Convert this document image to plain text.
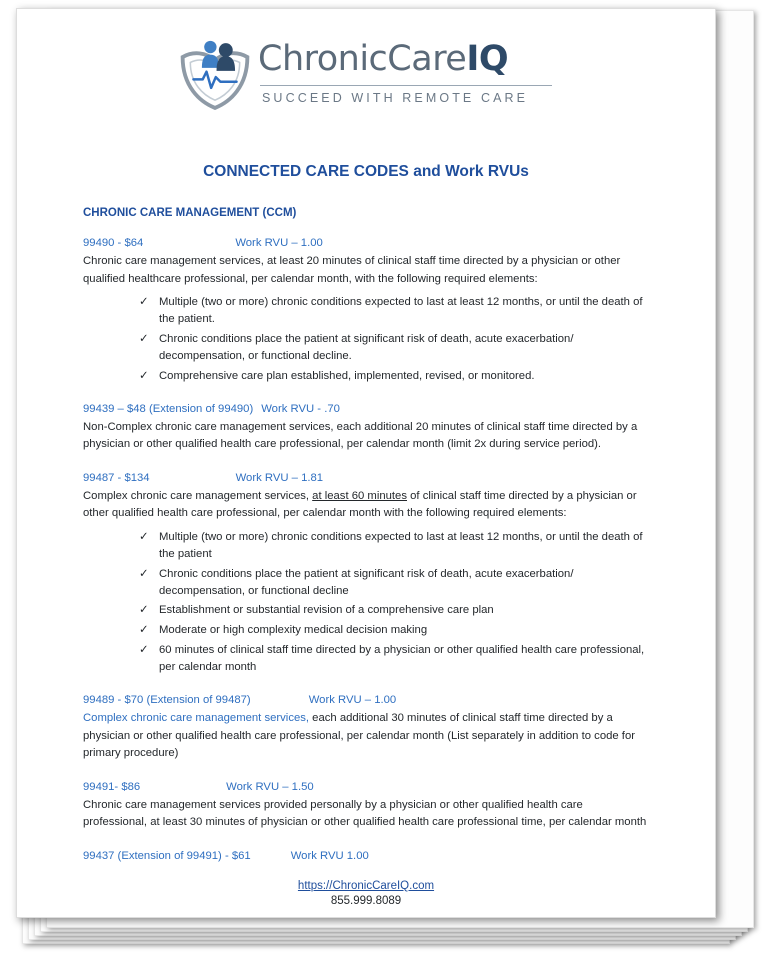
ChronicCareIQ
SUCCEED WITH REMOTE CARE
CONNECTED CARE CODES and Work RVUs
CHRONIC CARE MANAGEMENT (CCM)
99490 - $64	Work RVU – 1.00
Chronic care management services, at least 20 minutes of clinical staff time directed by a physician or other qualified healthcare professional, per calendar month, with the following required elements:
✓ Multiple (two or more) chronic conditions expected to last at least 12 months, or until the death of the patient.
✓ Chronic conditions place the patient at significant risk of death, acute exacerbation/ decompensation, or functional decline.
✓ Comprehensive care plan established, implemented, revised, or monitored.
99439 – $48 (Extension of 99490) Work RVU - .70
Non-Complex chronic care management services, each additional 20 minutes of clinical staff time directed by a physician or other qualified health care professional, per calendar month (limit 2x during service period).
99487 - $134	Work RVU – 1.81
Complex chronic care management services, at least 60 minutes of clinical staff time directed by a physician or other qualified health care professional, per calendar month with the following required elements:
✓ Multiple (two or more) chronic conditions expected to last at least 12 months, or until the death of the patient
✓ Chronic conditions place the patient at significant risk of death, acute exacerbation/ decompensation, or functional decline
✓ Establishment or substantial revision of a comprehensive care plan
✓ Moderate or high complexity medical decision making
✓ 60 minutes of clinical staff time directed by a physician or other qualified health care professional, per calendar month
99489 - $70 (Extension of 99487)	Work RVU – 1.00
Complex chronic care management services, each additional 30 minutes of clinical staff time directed by a physician or other qualified health care professional, per calendar month (List separately in addition to code for primary procedure)
99491- $86	Work RVU – 1.50
Chronic care management services provided personally by a physician or other qualified health care professional, at least 30 minutes of physician or other qualified health care professional time, per calendar month
99437 (Extension of 99491) - $61	Work RVU 1.00
https://ChronicCareIQ.com
855.999.8089
